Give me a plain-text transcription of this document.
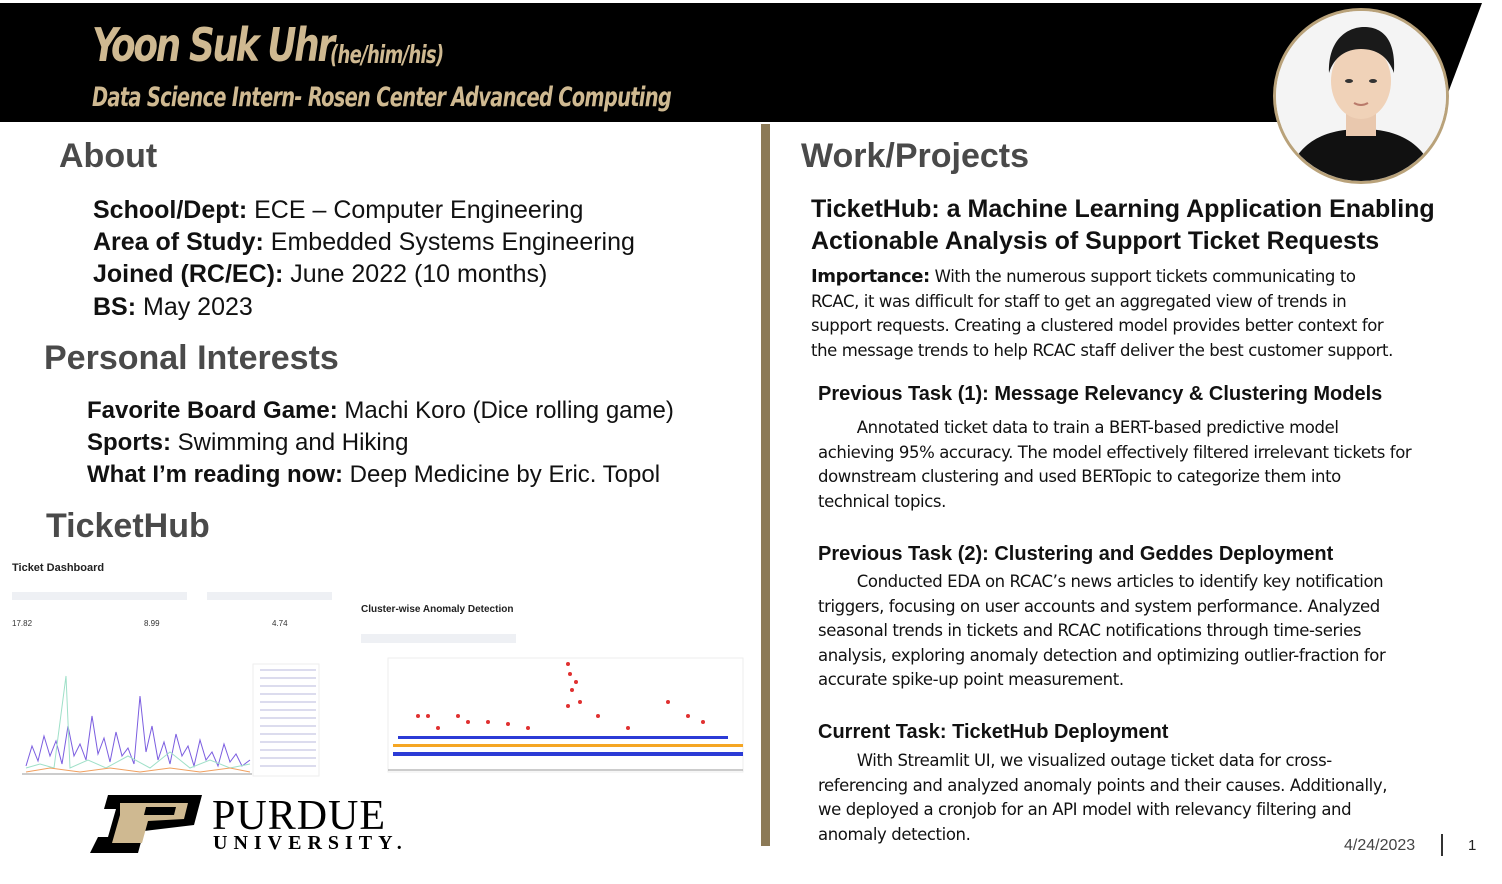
Yoon Suk Uhr
(he/him/his)
Data Science Intern- Rosen Center Advanced Computing
About
School/Dept: ECE – Computer Engineering
Area of Study: Embedded Systems Engineering
Joined (RC/EC): June 2022 (10 months)
BS: May 2023
Personal Interests
Favorite Board Game: Machi Koro (Dice rolling game)
Sports: Swimming and Hiking
What I’m reading now: Deep Medicine by Eric. Topol
TicketHub
Ticket Dashboard
17.82	8.99	4.74
Cluster-wise Anomaly Detection
PURDUE
UNIVERSITY.
Work/Projects
TicketHub: a Machine Learning Application Enabling
Actionable Analysis of Support Ticket Requests
Importance: With the numerous support tickets communicating to
RCAC, it was difficult for staff to get an aggregated view of trends in
support requests. Creating a clustered model provides better context for
the message trends to help RCAC staff deliver the best customer support.
Previous Task (1): Message Relevancy & Clustering Models
Annotated ticket data to train a BERT-based predictive model
achieving 95% accuracy. The model effectively filtered irrelevant tickets for
downstream clustering and used BERTopic to categorize them into
technical topics.
Previous Task (2): Clustering and Geddes Deployment
Conducted EDA on RCAC’s news articles to identify key notification
triggers, focusing on user accounts and system performance. Analyzed
seasonal trends in tickets and RCAC notifications through time-series
analysis, exploring anomaly detection and optimizing outlier-fraction for
accurate spike-up point measurement.
Current Task: TicketHub Deployment
With Streamlit UI, we visualized outage ticket data for cross-
referencing and analyzed anomaly points and their causes. Additionally,
we deployed a cronjob for an API model with relevancy filtering and
anomaly detection.
4/24/2023	1
